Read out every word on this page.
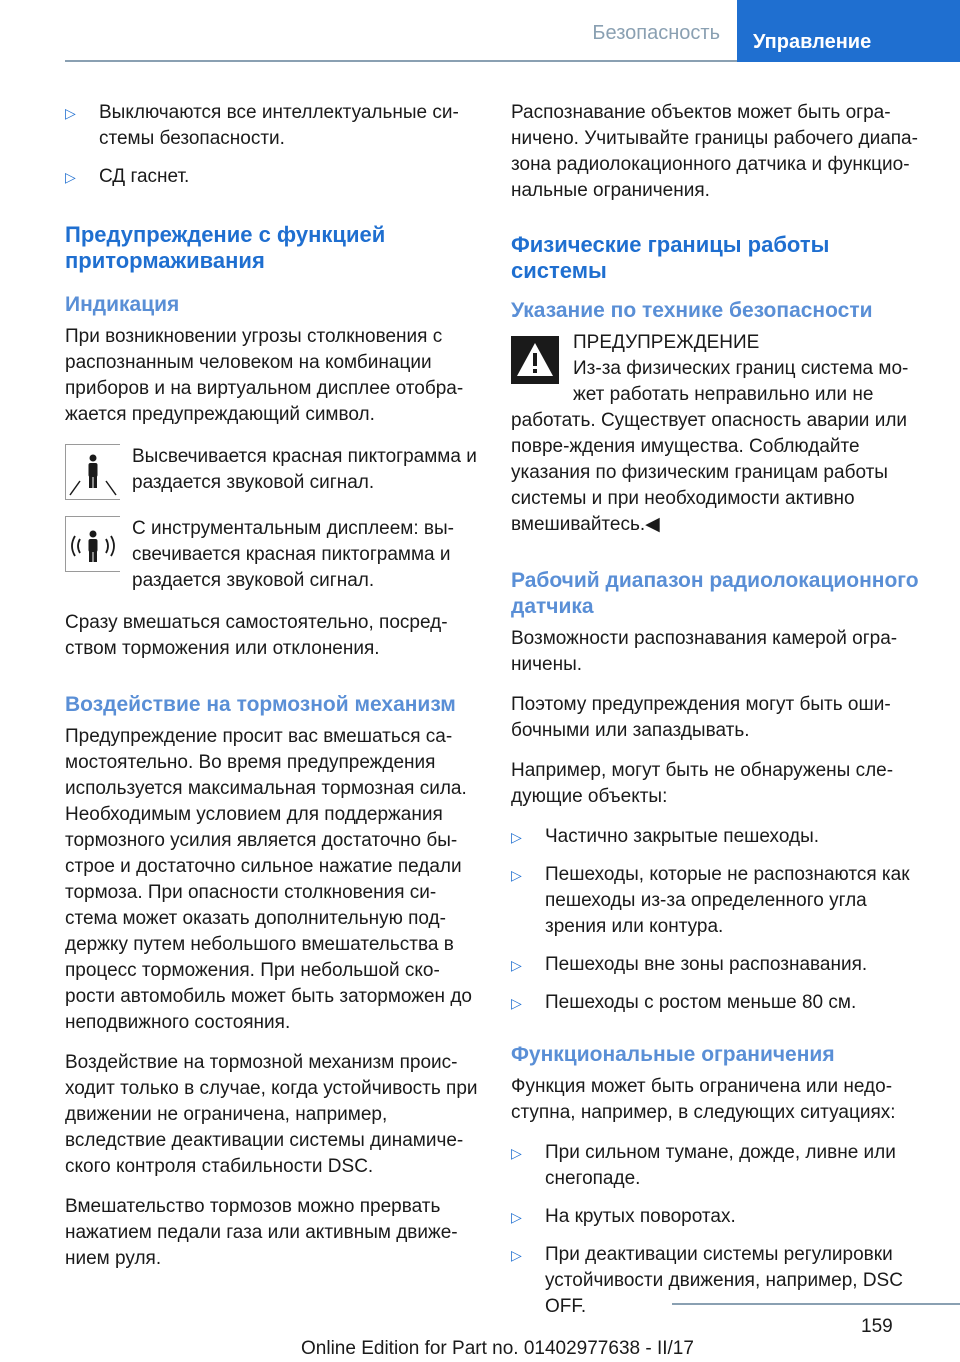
Безопасность Управление
▷	Выключаются все интеллектуальные си-стемы безопасности.
▷	СД гаснет.
Предупреждение с функцией притормаживания
Индикация

При возникновении угрозы столкновения с распознанным человеком на комбинации приборов и на виртуальном дисплее отобра-жается предупреждающий символ.

Высвечивается красная пиктограмма и раздается звуковой сигнал.
С инструментальным дисплеем: вы-свечивается красная пиктограмма и раздается звуковой сигнал.

Сразу вмешаться самостоятельно, посред-ством торможения или отклонения.

Воздействие на тормозной механизм

Предупреждение просит вас вмешаться са-мостоятельно. Во время предупреждения используется максимальная тормозная сила. Необходимым условием для поддержания тормозного усилия является достаточно бы-строе и достаточно сильное нажатие педали тормоза. При опасности столкновения си-стема может оказать дополнительную под-держку путем небольшого вмешательства в процесс торможения. При небольшой ско-рости автомобиль может быть заторможен до неподвижного состояния.

Воздействие на тормозной механизм проис-ходит только в случае, когда устойчивость при движении не ограничена, например, вследствие деактивации системы динамиче-ского контроля стабильности DSC.

Вмешательство тормозов можно прервать нажатием педали газа или активным движе-нием руля.

Распознавание объектов может быть огра-ничено. Учитывайте границы рабочего диапа-зона радиолокационного датчика и функцио-нальные ограничения.

Физические границы работы системы
Указание по технике безопасности

ПРЕДУПРЕЖДЕНИЕ

Из-за физических границ система мо-жет работать неправильно или не работать. Существует опасность аварии или повре-ждения имущества. Соблюдайте указания по физическим границам работы системы и при необходимости активно вмешивайтесь.◀

Рабочий диапазон радиолокационного датчика

Возможности распознавания камерой огра-ничены.

Поэтому предупреждения могут быть оши-бочными или запаздывать.

Например, могут быть не обнаружены сле-дующие объекты:

▷	Частично закрытые пешеходы.
▷	Пешеходы, которые не распознаются как пешеходы из-за определенного угла зрения или контура.
▷	Пешеходы вне зоны распознавания.
▷	Пешеходы с ростом меньше 80 см.
Функциональные ограничения

Функция может быть ограничена или недо-ступна, например, в следующих ситуациях:

▷	При сильном тумане, дожде, ливне или снегопаде.
▷	На крутых поворотах.
▷	При деактивации системы регулировки устойчивости движения, например, DSC OFF.
159
Online Edition for Part no. 01402977638 - II/17
